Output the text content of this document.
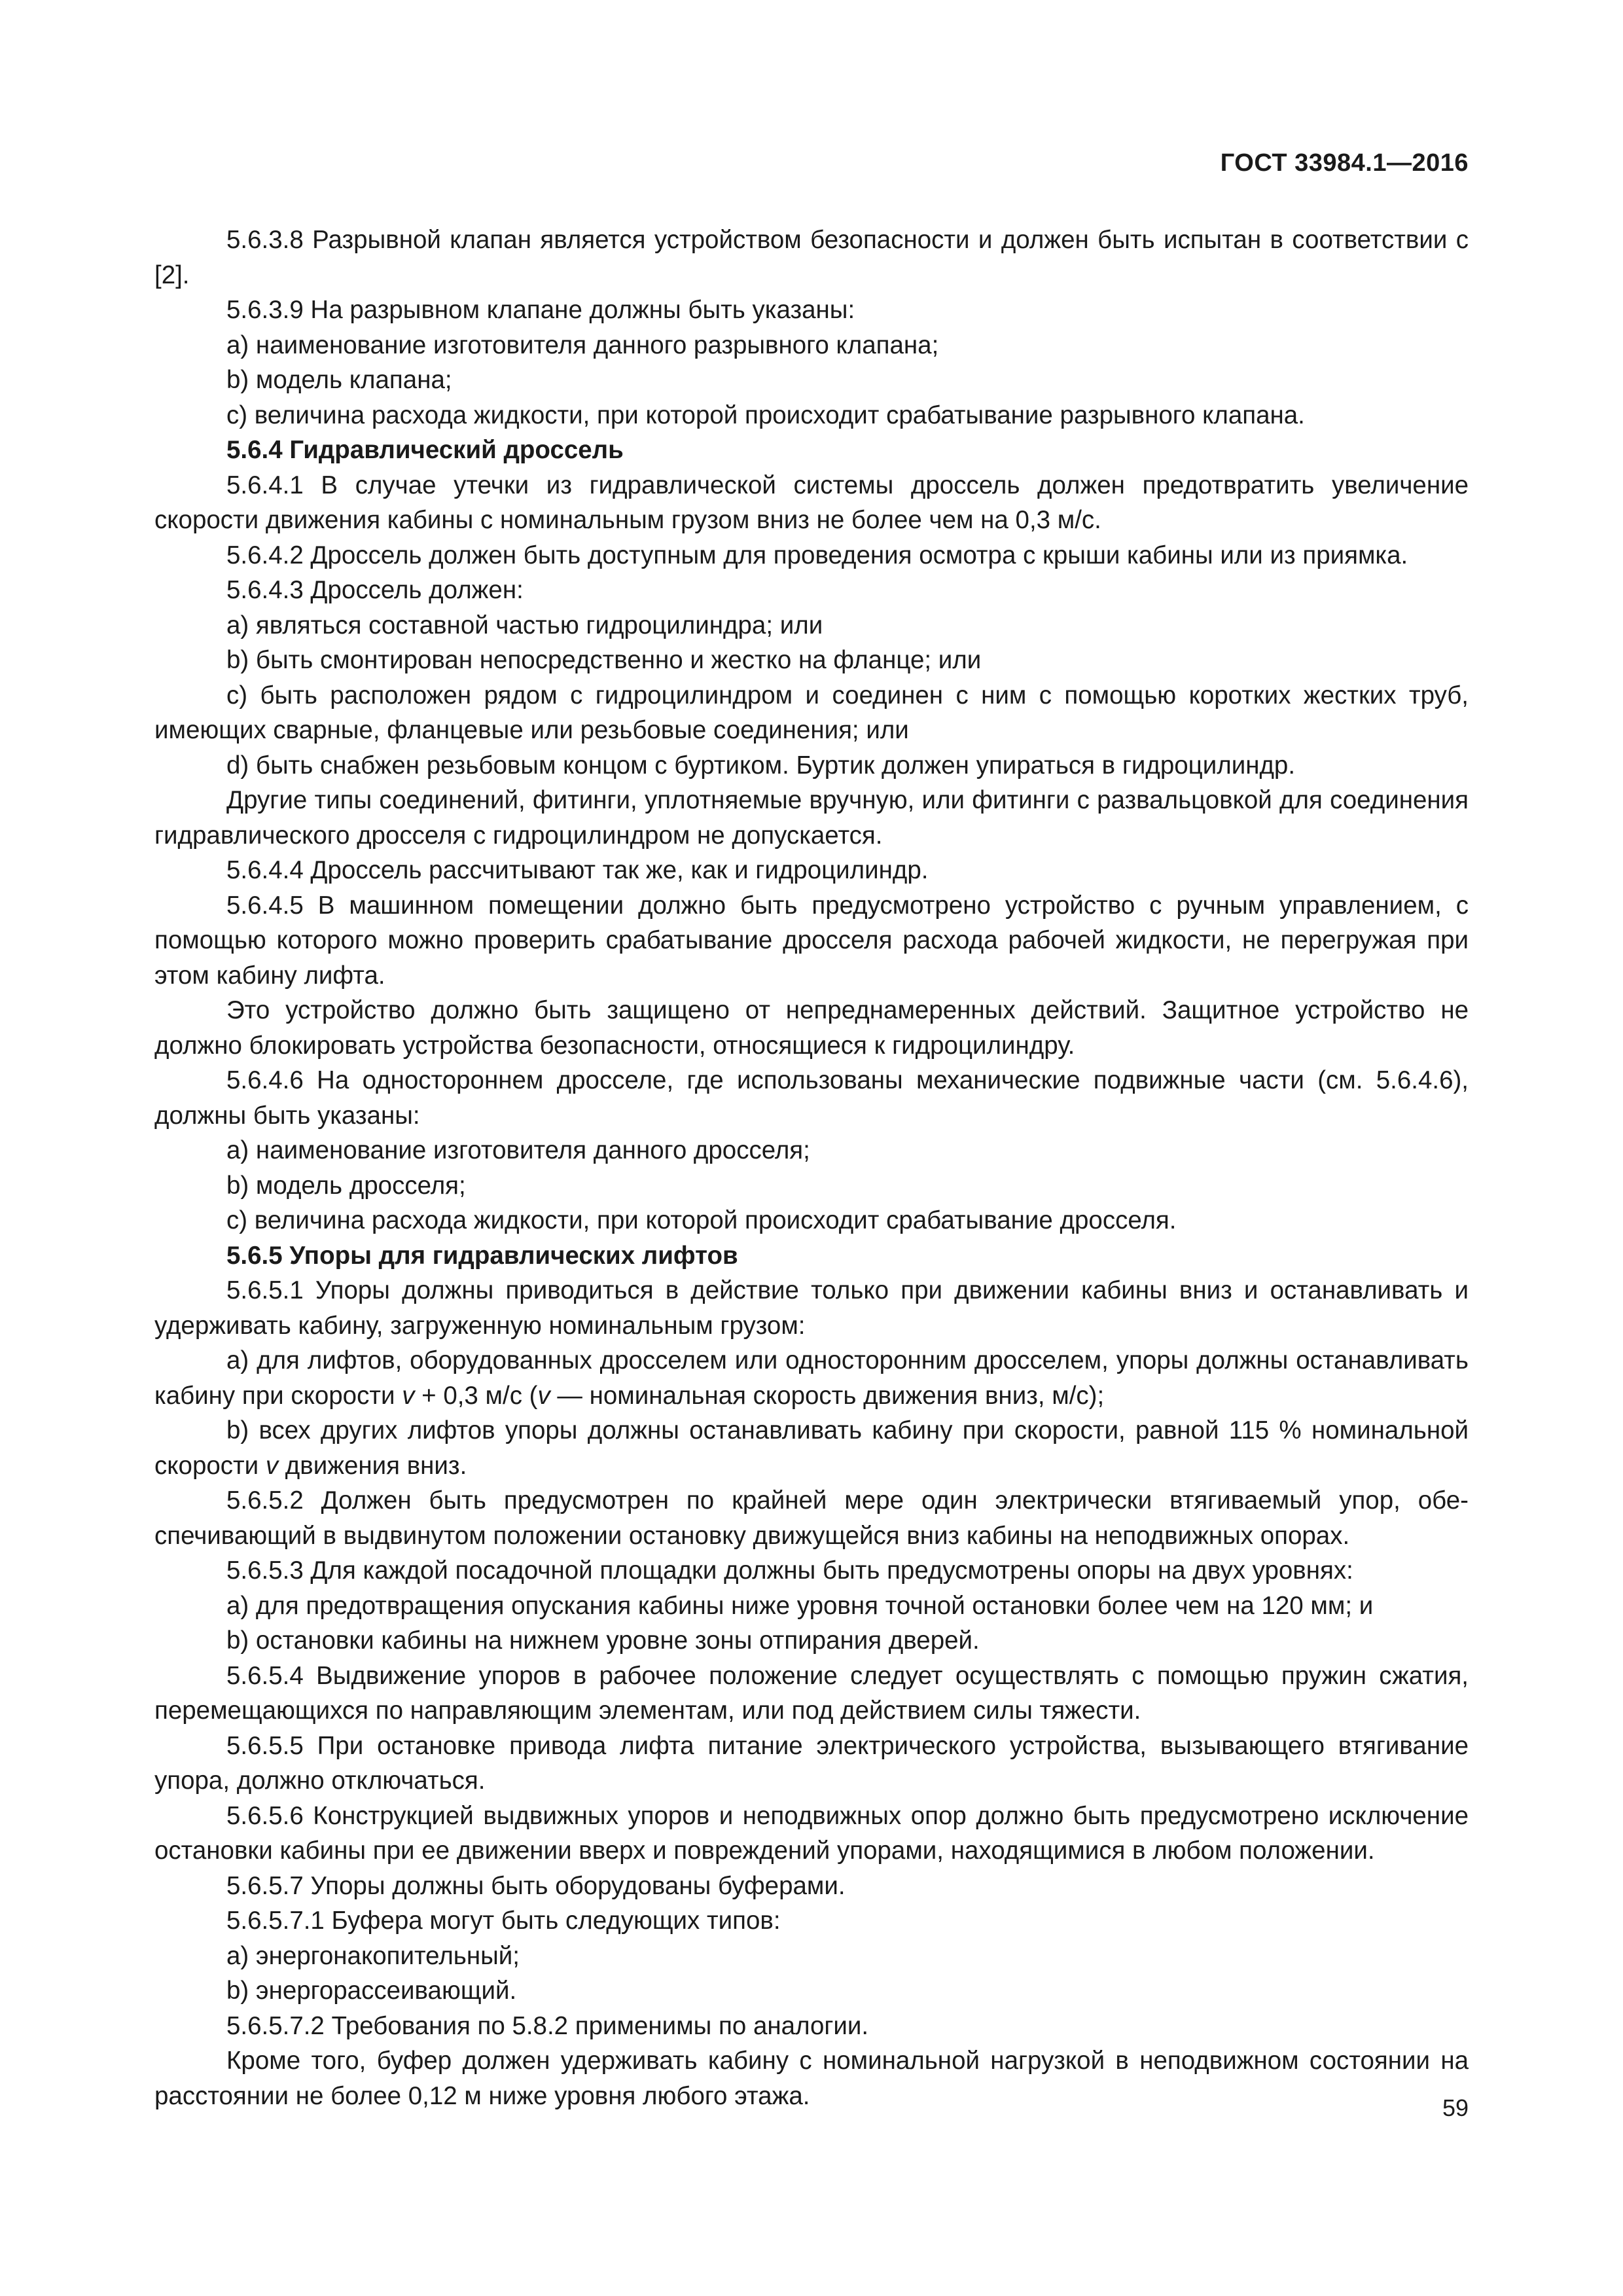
ГОСТ 33984.1—2016

5.6.3.8 Разрывной клапан является устройством безопасности и должен быть испытан в соответствии с [2].

5.6.3.9 На разрывном клапане должны быть указаны:

a) наименование изготовителя данного разрывного клапана;

b) модель клапана;

c) величина расхода жидкости, при которой происходит срабатывание разрывного клапана.

5.6.4 Гидравлический дроссель

5.6.4.1 В случае утечки из гидравлической системы дроссель должен предотвратить увеличение скорости движения кабины с номинальным грузом вниз не более чем на 0,3 м/с.

5.6.4.2 Дроссель должен быть доступным для проведения осмотра с крыши кабины или из приямка.

5.6.4.3 Дроссель должен:

a) являться составной частью гидроцилиндра; или

b) быть смонтирован непосредственно и жестко на фланце; или

c) быть расположен рядом с гидроцилиндром и соединен с ним с помощью коротких жестких труб, имеющих сварные, фланцевые или резьбовые соединения; или

d) быть снабжен резьбовым концом с буртиком. Буртик должен упираться в гидроцилиндр.

Другие типы соединений, фитинги, уплотняемые вручную, или фитинги с развальцовкой для соединения гидравлического дросселя с гидроцилиндром не допускается.

5.6.4.4 Дроссель рассчитывают так же, как и гидроцилиндр.

5.6.4.5 В машинном помещении должно быть предусмотрено устройство с ручным управлением, с помощью которого можно проверить срабатывание дросселя расхода рабочей жидкости, не перегружая при этом кабину лифта.

Это устройство должно быть защищено от непреднамеренных действий. Защитное устройство не должно блокировать устройства безопасности, относящиеся к гидроцилиндру.

5.6.4.6 На одностороннем дросселе, где использованы механические подвижные части (см. 5.6.4.6), должны быть указаны:

a) наименование изготовителя данного дросселя;

b) модель дросселя;

c) величина расхода жидкости, при которой происходит срабатывание дросселя.

5.6.5 Упоры для гидравлических лифтов

5.6.5.1 Упоры должны приводиться в действие только при движении кабины вниз и останавливать и удерживать кабину, загруженную номинальным грузом:

a) для лифтов, оборудованных дросселем или односторонним дросселем, упоры должны останавливать кабину при скорости v + 0,3 м/с (v — номинальная скорость движения вниз, м/с);

b) всех других лифтов упоры должны останавливать кабину при скорости, равной 115 % номинальной скорости v движения вниз.

5.6.5.2 Должен быть предусмотрен по крайней мере один электрически втягиваемый упор, обеспечивающий в выдвинутом положении остановку движущейся вниз кабины на неподвижных опорах.

5.6.5.3 Для каждой посадочной площадки должны быть предусмотрены опоры на двух уровнях:

a) для предотвращения опускания кабины ниже уровня точной остановки более чем на 120 мм; и

b) остановки кабины на нижнем уровне зоны отпирания дверей.

5.6.5.4 Выдвижение упоров в рабочее положение следует осуществлять с помощью пружин сжатия, перемещающихся по направляющим элементам, или под действием силы тяжести.

5.6.5.5 При остановке привода лифта питание электрического устройства, вызывающего втягивание упора, должно отключаться.

5.6.5.6 Конструкцией выдвижных упоров и неподвижных опор должно быть предусмотрено исключение остановки кабины при ее движении вверх и повреждений упорами, находящимися в любом положении.

5.6.5.7 Упоры должны быть оборудованы буферами.

5.6.5.7.1 Буфера могут быть следующих типов:

a) энергонакопительный;

b) энергорассеивающий.

5.6.5.7.2 Требования по 5.8.2 применимы по аналогии.

Кроме того, буфер должен удерживать кабину с номинальной нагрузкой в неподвижном состоянии на расстоянии не более 0,12 м ниже уровня любого этажа.	59
